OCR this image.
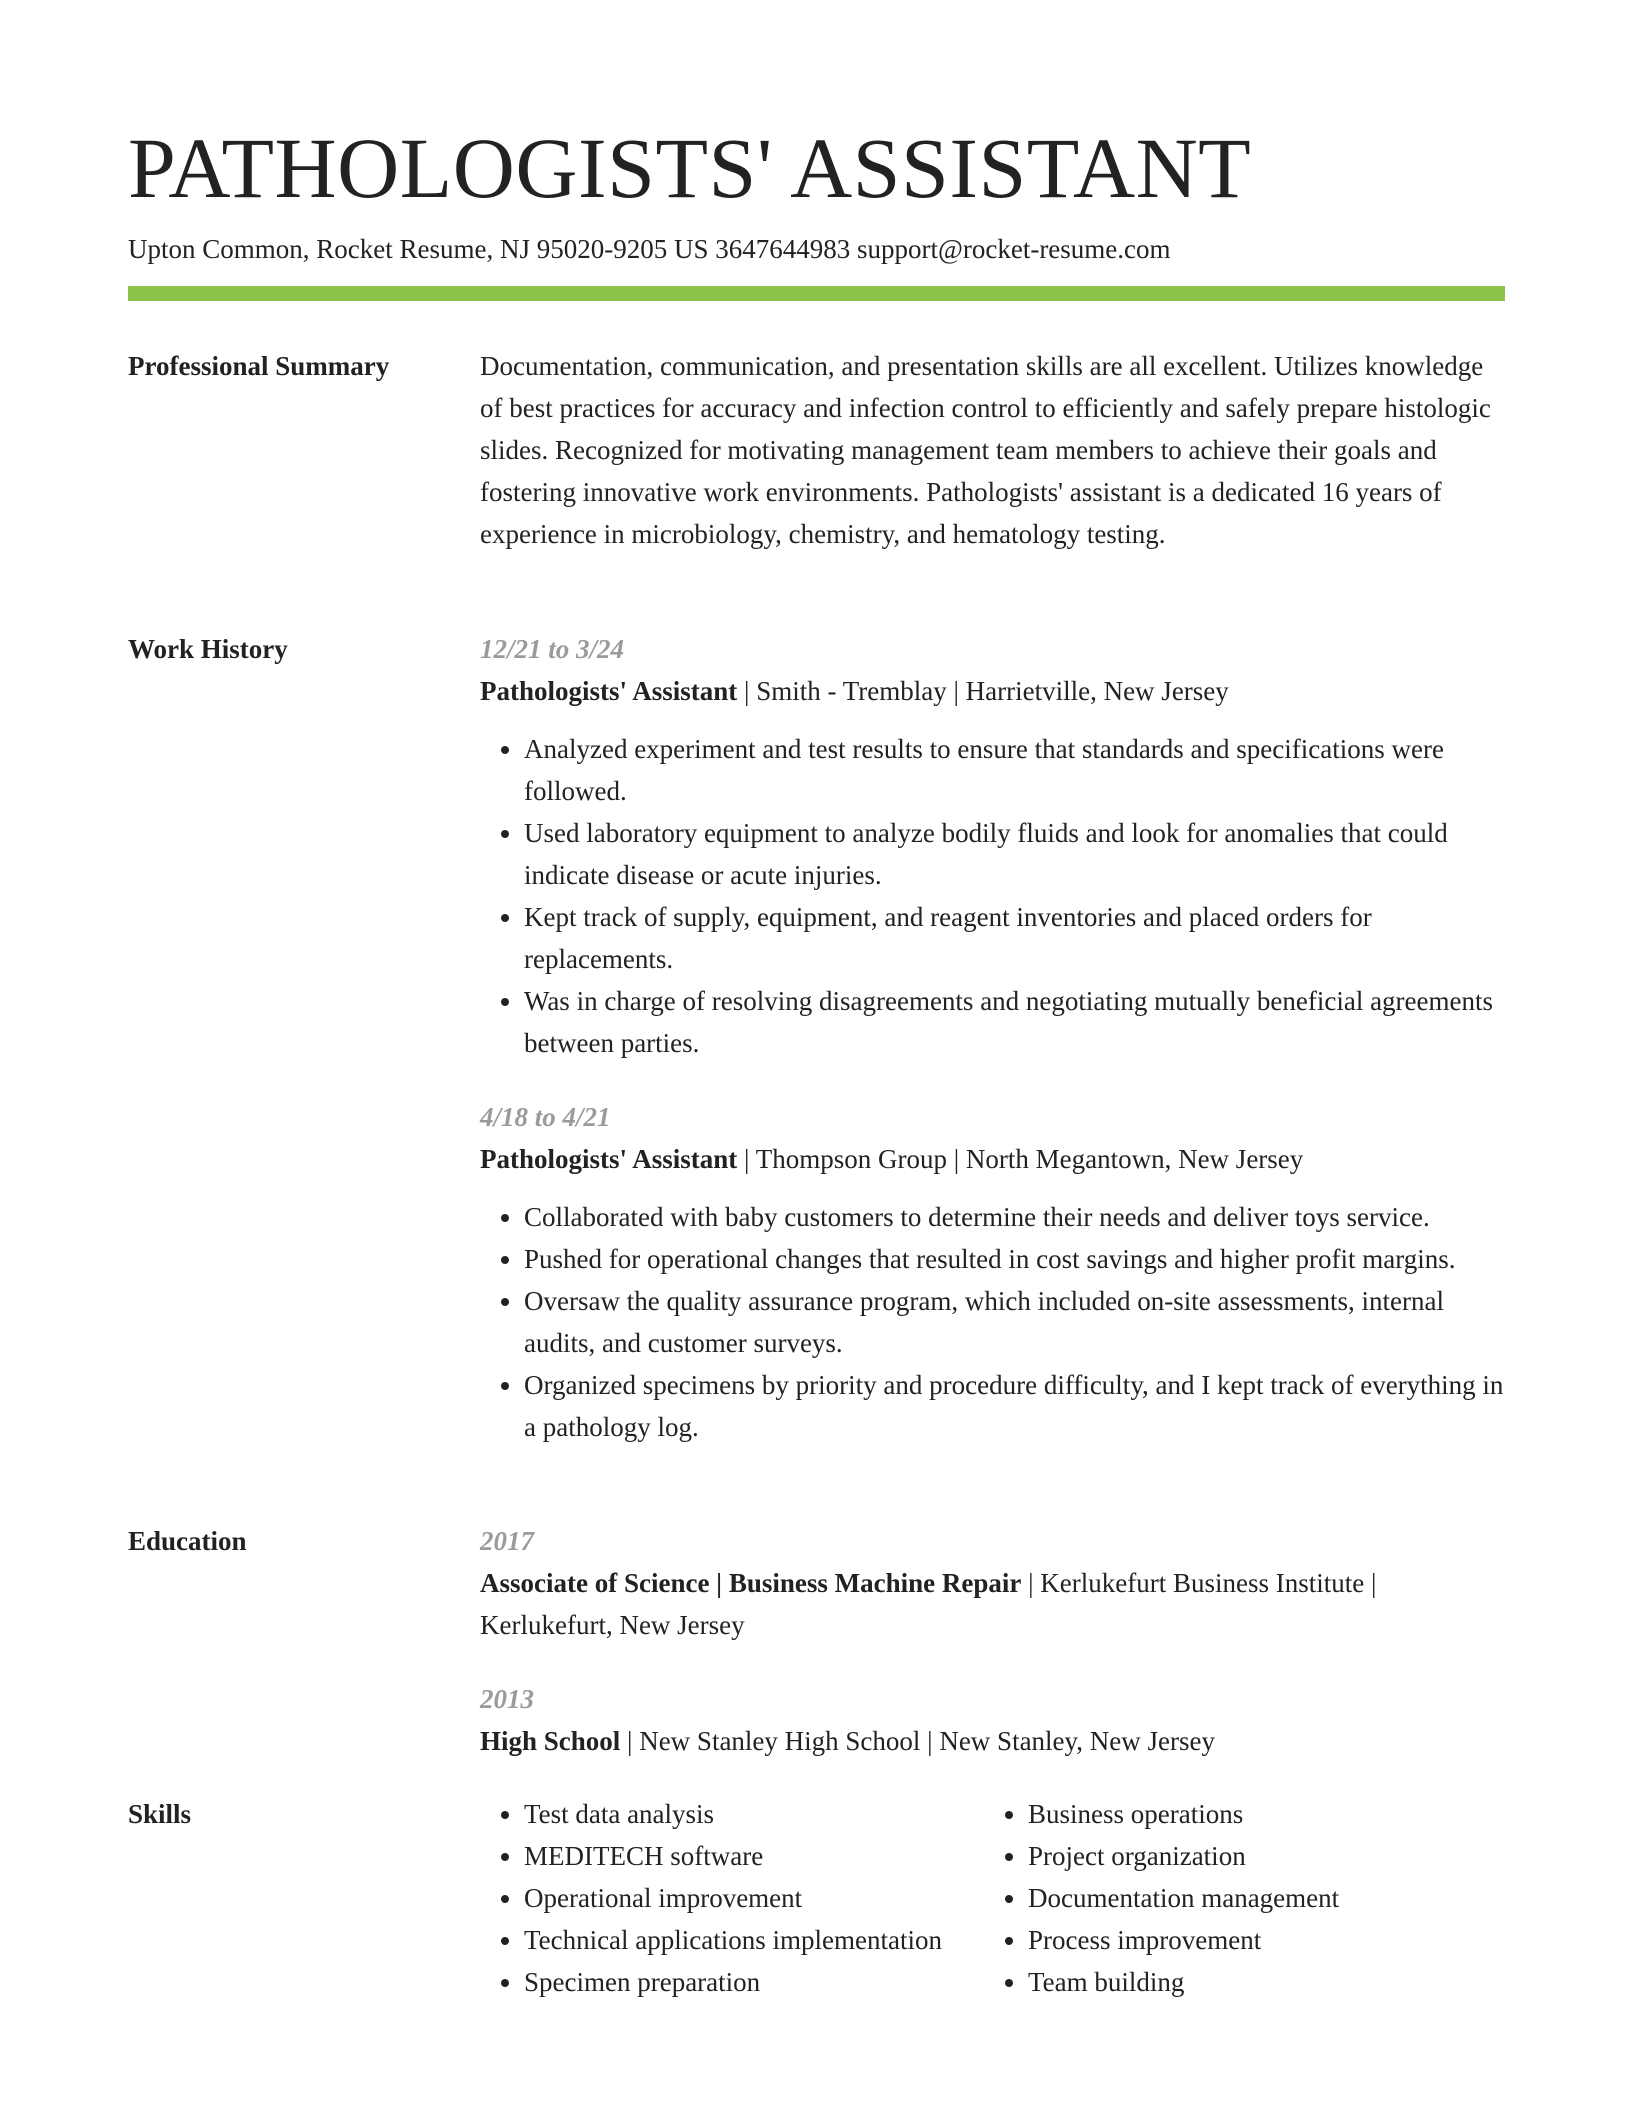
PATHOLOGISTS' ASSISTANT
Upton Common, Rocket Resume, NJ 95020-9205 US 3647644983 support@rocket-resume.com
Professional Summary	Documentation, communication, and presentation skills are all excellent. Utilizes knowledge of best practices for accuracy and infection control to efficiently and safely prepare histologic slides. Recognized for motivating management team members to achieve their goals and fostering innovative work environments. Pathologists' assistant is a dedicated 16 years of experience in microbiology, chemistry, and hematology testing.

Work History	12/21 to 3/24
Pathologists' Assistant | Smith - Tremblay | Harrietville, New Jersey
• Analyzed experiment and test results to ensure that standards and specifications were followed.
• Used laboratory equipment to analyze bodily fluids and look for anomalies that could indicate disease or acute injuries.
• Kept track of supply, equipment, and reagent inventories and placed orders for replacements.
• Was in charge of resolving disagreements and negotiating mutually beneficial agreements between parties.
4/18 to 4/21
Pathologists' Assistant | Thompson Group | North Megantown, New Jersey
• Collaborated with baby customers to determine their needs and deliver toys service.
• Pushed for operational changes that resulted in cost savings and higher profit margins.
• Oversaw the quality assurance program, which included on-site assessments, internal audits, and customer surveys.
• Organized specimens by priority and procedure difficulty, and I kept track of everything in a pathology log.
Education	2017
Associate of Science | Business Machine Repair | Kerlukefurt Business Institute | Kerlukefurt, New Jersey
2013
High School | New Stanley High School | New Stanley, New Jersey
Skills
•	Test data analysis
• MEDITECH software
• Operational improvement
• Technical applications implementation
• Specimen preparation
• Business operations
• Project organization
• Documentation management
• Process improvement
• Team building
